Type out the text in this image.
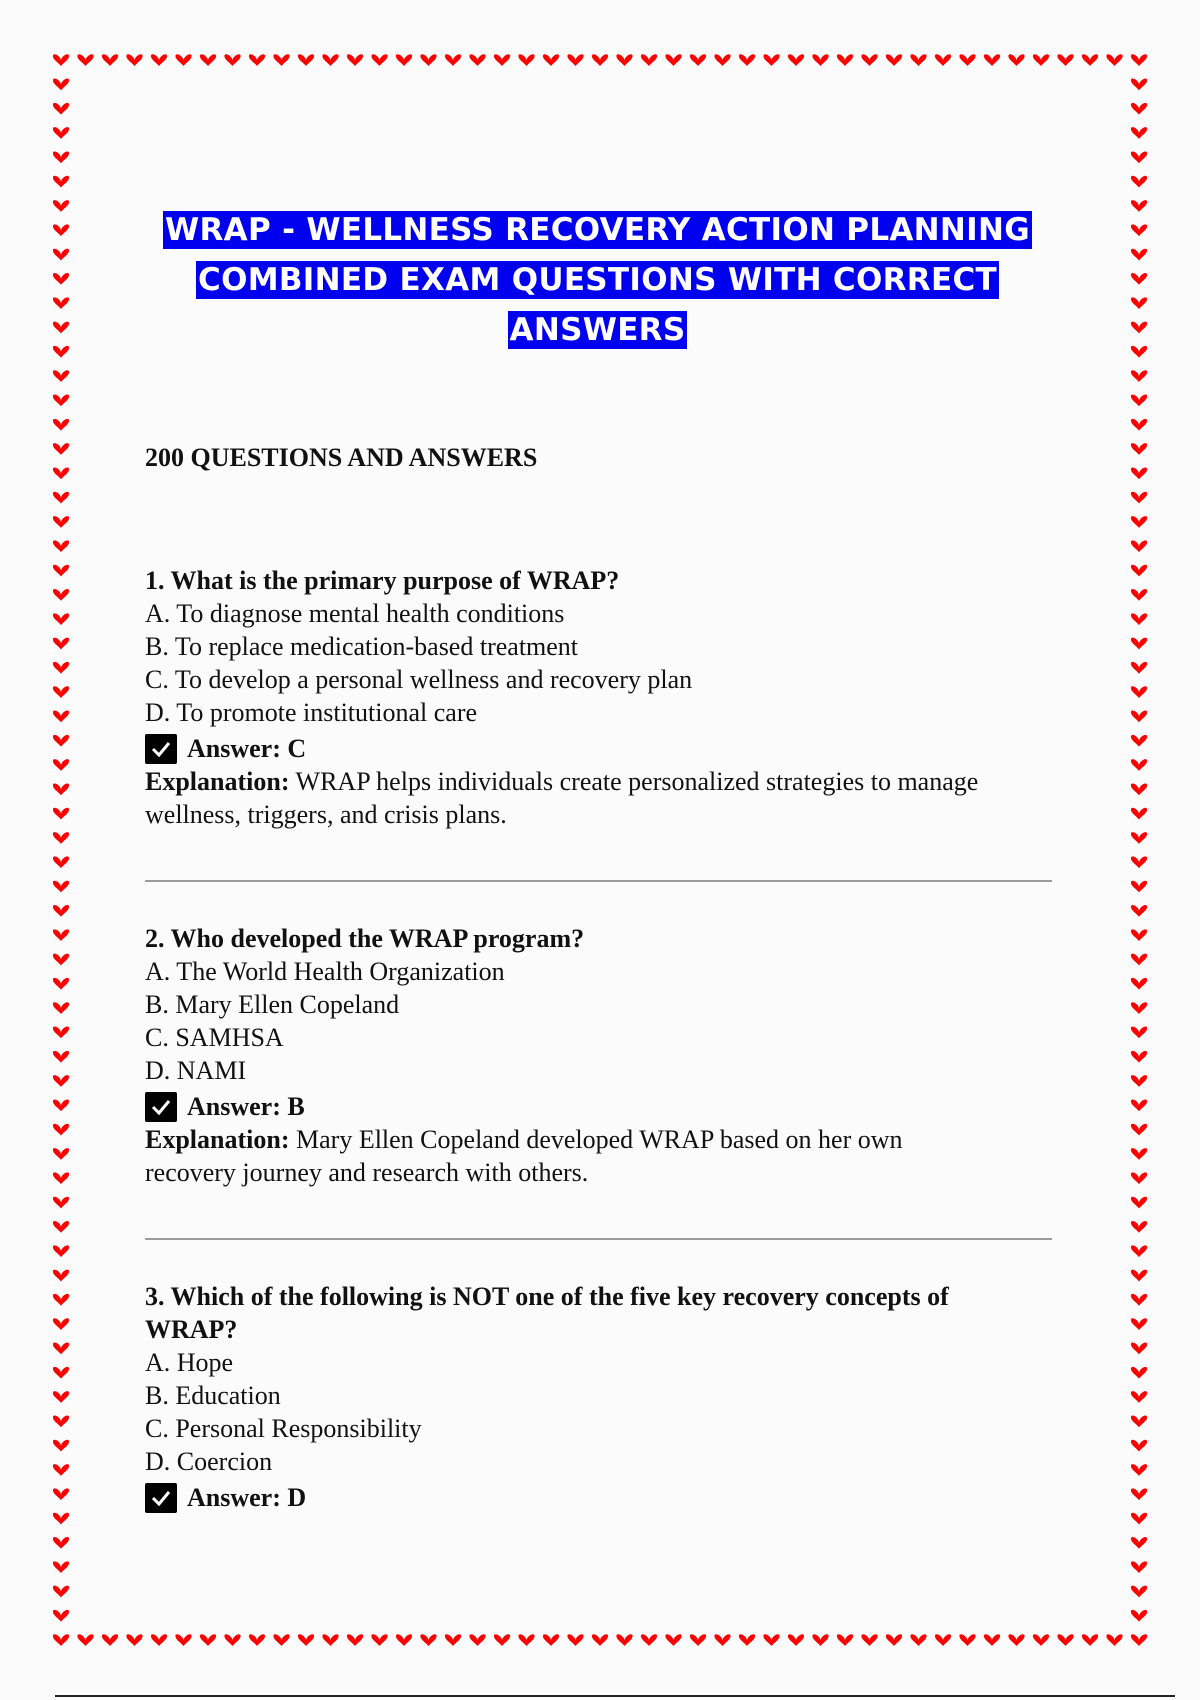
WRAP - WELLNESS RECOVERY ACTION PLANNING
COMBINED EXAM QUESTIONS WITH CORRECT
ANSWERS
200 QUESTIONS AND ANSWERS
1. What is the primary purpose of WRAP?
A. To diagnose mental health conditions
B. To replace medication-based treatment
C. To develop a personal wellness and recovery plan
D. To promote institutional care
Answer: C
Explanation: WRAP helps individuals create personalized strategies to manage
wellness, triggers, and crisis plans.
2. Who developed the WRAP program?
A. The World Health Organization
B. Mary Ellen Copeland
C. SAMHSA
D. NAMI
Answer: B
Explanation: Mary Ellen Copeland developed WRAP based on her own
recovery journey and research with others.
3. Which of the following is NOT one of the five key recovery concepts of
WRAP?
A. Hope
B. Education
C. Personal Responsibility
D. Coercion
Answer: D
